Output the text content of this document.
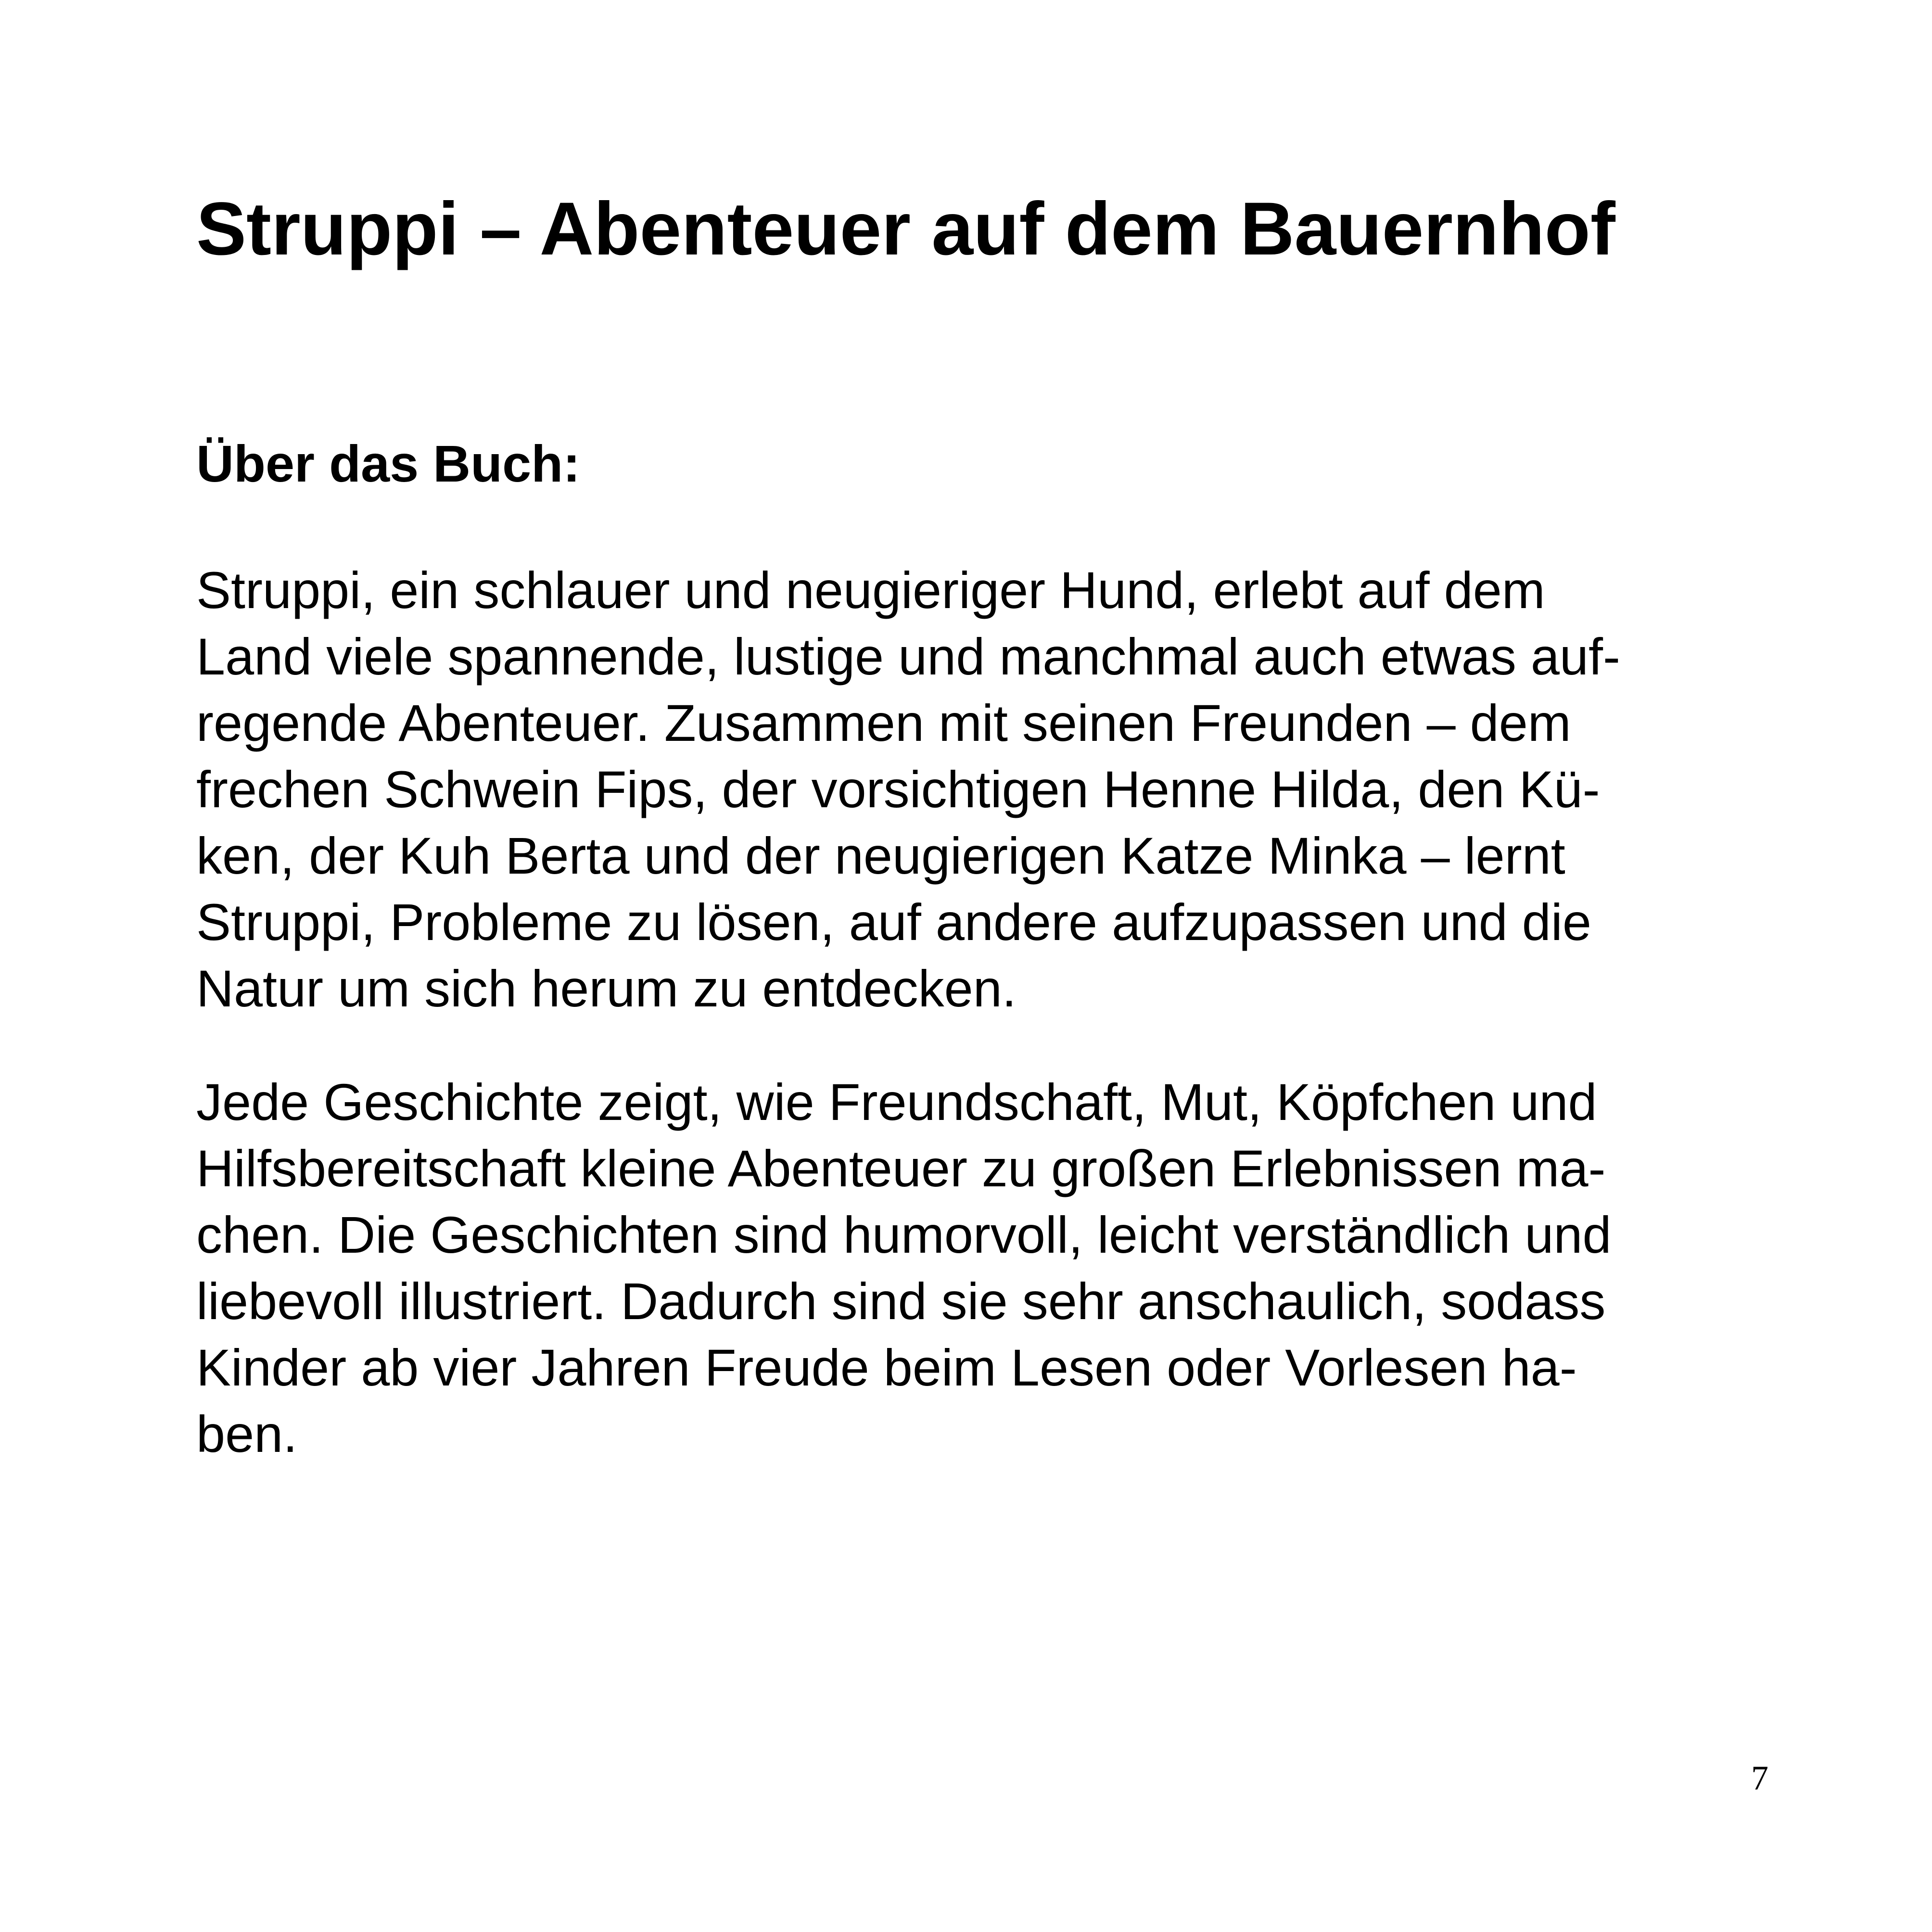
Struppi – Abenteuer auf dem Bauernhof
Über das Buch:

Struppi, ein schlauer und neugieriger Hund, erlebt auf dem
Land viele spannende, lustige und manchmal auch etwas auf-
regende Abenteuer. Zusammen mit seinen Freunden – dem
frechen Schwein Fips, der vorsichtigen Henne Hilda, den Kü-
ken, der Kuh Berta und der neugierigen Katze Minka – lernt
Struppi, Probleme zu lösen, auf andere aufzupassen und die
Natur um sich herum zu entdecken.

Jede Geschichte zeigt, wie Freundschaft, Mut, Köpfchen und
Hilfsbereitschaft kleine Abenteuer zu großen Erlebnissen ma-
chen. Die Geschichten sind humorvoll, leicht verständlich und
liebevoll illustriert. Dadurch sind sie sehr anschaulich, sodass
Kinder ab vier Jahren Freude beim Lesen oder Vorlesen ha-
ben.

7
